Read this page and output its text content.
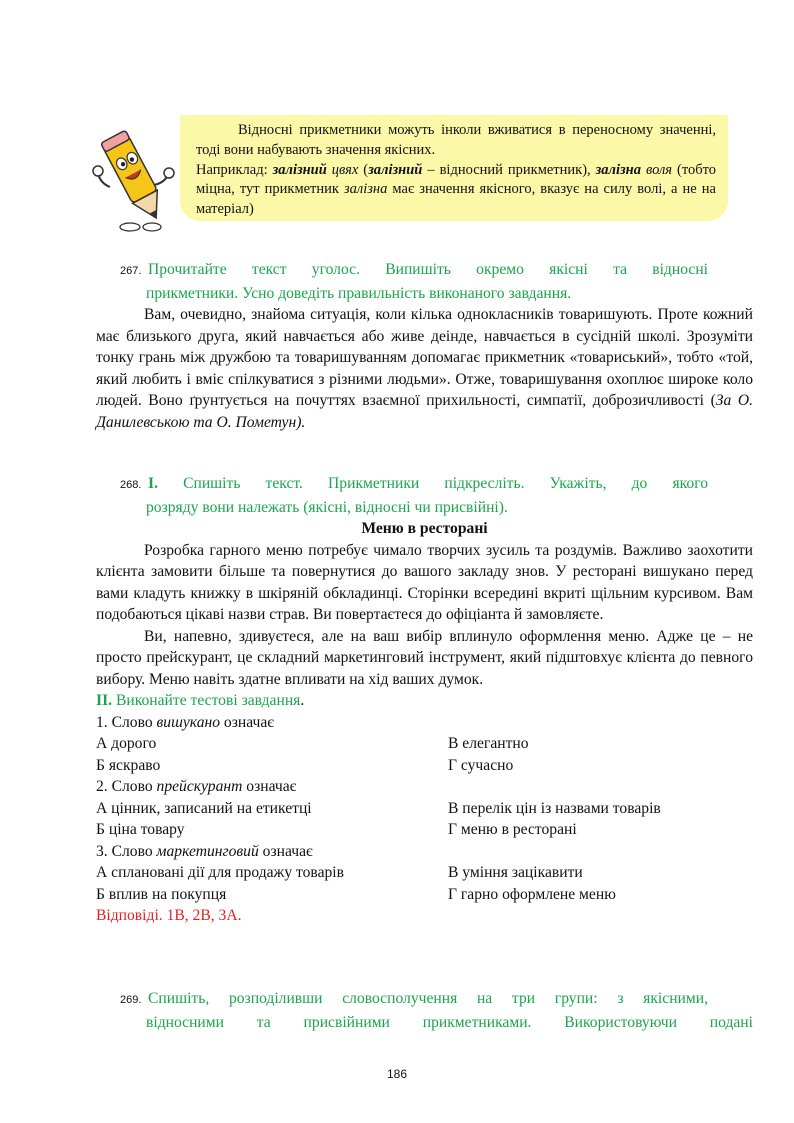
Відносні прикметники можуть інколи вживатися в переносному значенні, тоді вони набувають значення якісних.

Наприклад: залізний цвях (залізний – відносний прикметник), залізна воля (тобто міцна, тут прикметник залізна має значення якісного, вказує на силу волі, а не на матеріал)

267. Прочитайте текст уголос. Випишіть окремо якісні та відносні
прикметники. Усно доведіть правильність виконаного завдання.

Вам, очевидно, знайома ситуація, коли кілька однокласників товаришують. Проте кожний має близького друга, який навчається або живе деінде, навчається в сусідній школі. Зрозуміти тонку грань між дружбою та товаришуванням допомагає прикметник «товариський», тобто «той, який любить і вміє спілкуватися з різними людьми». Отже, товаришування охоплює широке коло людей. Воно ґрунтується на почуттях взаємної прихильності, симпатії, доброзичливості (За О. Данилевською та О. Пометун).

268. І. Спишіть текст. Прикметники підкресліть. Укажіть, до якого
розряду вони належать (якісні, відносні чи присвійні).

Меню в ресторані

Розробка гарного меню потребує чимало творчих зусиль та роздумів. Важливо заохотити клієнта замовити більше та повернутися до вашого закладу знов. У ресторані вишукано перед вами кладуть книжку в шкіряній обкладинці. Сторінки всередині вкриті щільним курсивом. Вам подобаються цікаві назви страв. Ви повертаєтеся до офіціанта й замовляєте.

Ви, напевно, здивуєтеся, але на ваш вибір вплинуло оформлення меню. Адже це – не просто прейскурант, це складний маркетинговий інструмент, який підштовхує клієнта до певного вибору. Меню навіть здатне впливати на хід ваших думок.

ІІ. Виконайте тестові завдання.

1. Слово вишукано означає

А дорого	В елегантно
Б яскраво	Г сучасно

2. Слово прейскурант означає

А цінник, записаний на етикетці	В перелік цін із назвами товарів
Б ціна товару	Г меню в ресторані

3. Слово маркетинговий означає

А сплановані дії для продажу товарів	В уміння зацікавити
Б вплив на покупця	Г гарно оформлене меню

Відповіді. 1В, 2В, 3А.

269. Спишіть, розподіливши словосполучення на три групи: з якісними,
відносними та присвійними прикметниками. Використовуючи подані

186
